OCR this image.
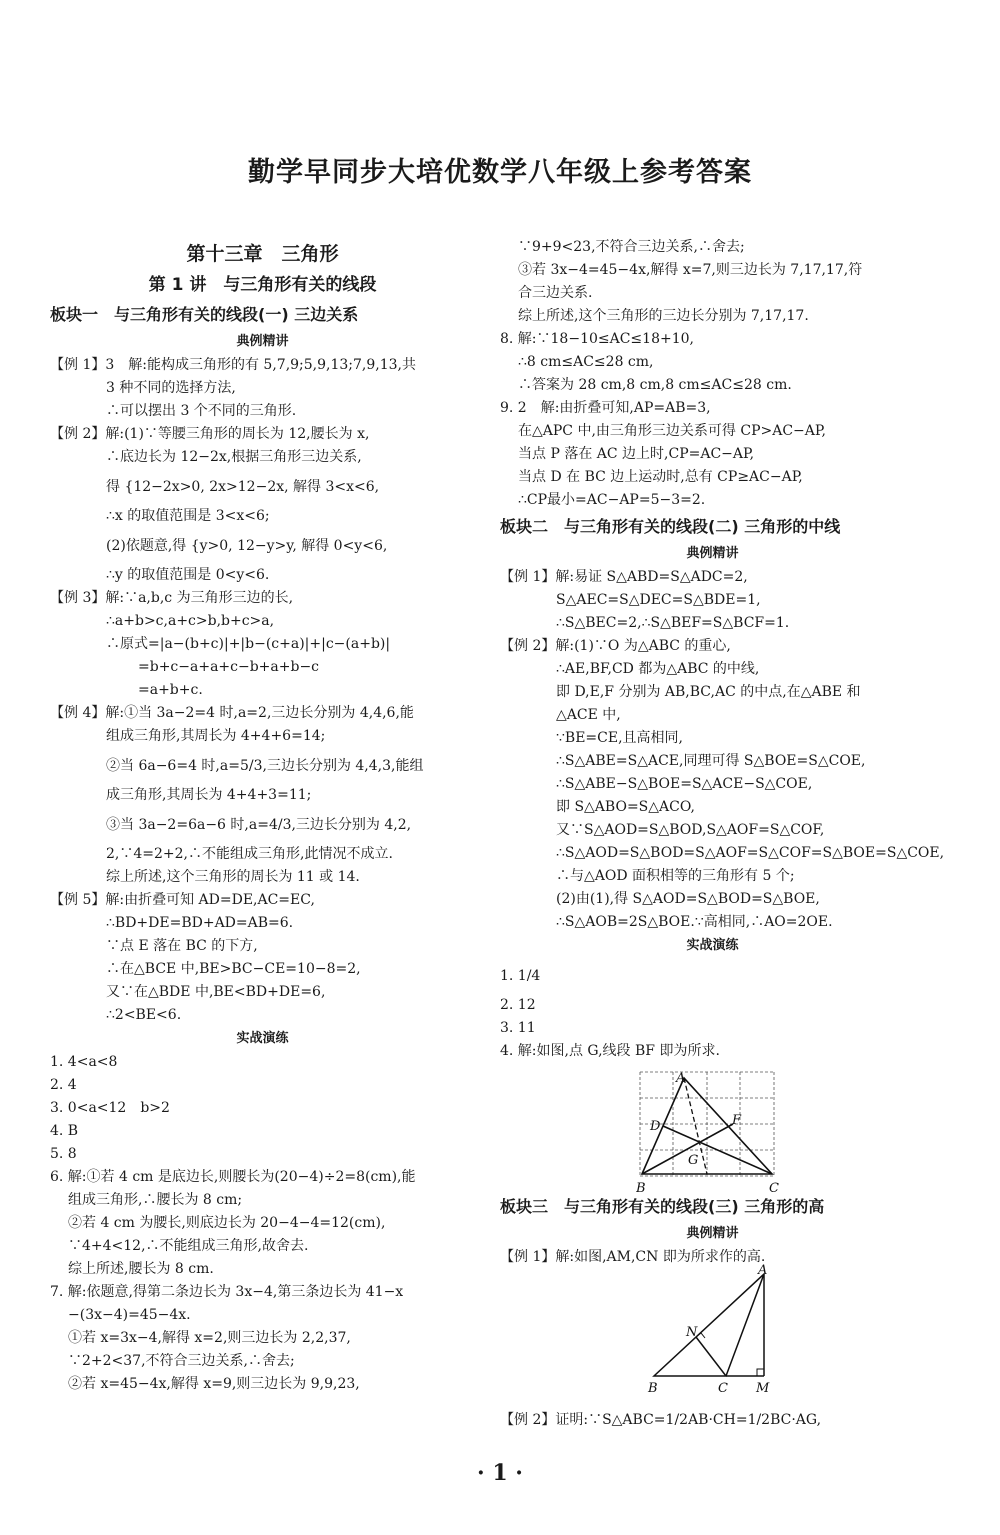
勤学早同步大培优数学八年级上参考答案
第十三章　三角形
第 1 讲　与三角形有关的线段
板块一　与三角形有关的线段(一) 三边关系
典例精讲
【例 1】3　解:能构成三角形的有 5,7,9;5,9,13;7,9,13,共
3 种不同的选择方法,
∴可以摆出 3 个不同的三角形.
【例 2】解:(1)∵等腰三角形的周长为 12,腰长为 x,
∴底边长为 12−2x,根据三角形三边关系,
得 {12−2x>0, 2x>12−2x, 解得 3<x<6,
∴x 的取值范围是 3<x<6;
(2)依题意,得 {y>0, 12−y>y, 解得 0<y<6,
∴y 的取值范围是 0<y<6.
【例 3】解:∵a,b,c 为三角形三边的长,
∴a+b>c,a+c>b,b+c>a,
∴原式=|a−(b+c)|+|b−(c+a)|+|c−(a+b)|
=b+c−a+a+c−b+a+b−c
=a+b+c.
【例 4】解:①当 3a−2=4 时,a=2,三边长分别为 4,4,6,能
组成三角形,其周长为 4+4+6=14;
②当 6a−6=4 时,a=5/3,三边长分别为 4,4,3,能组
成三角形,其周长为 4+4+3=11;
③当 3a−2=6a−6 时,a=4/3,三边长分别为 4,2,
2,∵4=2+2,∴不能组成三角形,此情况不成立.
综上所述,这个三角形的周长为 11 或 14.
【例 5】解:由折叠可知 AD=DE,AC=EC,
∴BD+DE=BD+AD=AB=6.
∵点 E 落在 BC 的下方,
∴在△BCE 中,BE>BC−CE=10−8=2,
又∵在△BDE 中,BE<BD+DE=6,
∴2<BE<6.
实战演练
1. 4<a<8
2. 4
3. 0<a<12　b>2
4. B
5. 8
6. 解:①若 4 cm 是底边长,则腰长为(20−4)÷2=8(cm),能
组成三角形,∴腰长为 8 cm;
②若 4 cm 为腰长,则底边长为 20−4−4=12(cm),
∵4+4<12,∴不能组成三角形,故舍去.
综上所述,腰长为 8 cm.
7. 解:依题意,得第二条边长为 3x−4,第三条边长为 41−x
−(3x−4)=45−4x.
①若 x=3x−4,解得 x=2,则三边长为 2,2,37,
∵2+2<37,不符合三边关系,∴舍去;
②若 x=45−4x,解得 x=9,则三边长为 9,9,23,
∵9+9<23,不符合三边关系,∴舍去;
③若 3x−4=45−4x,解得 x=7,则三边长为 7,17,17,符
合三边关系.
综上所述,这个三角形的三边长分别为 7,17,17.
8. 解:∵18−10≤AC≤18+10,
∴8 cm≤AC≤28 cm,
∴答案为 28 cm,8 cm,8 cm≤AC≤28 cm.
9. 2　解:由折叠可知,AP=AB=3,
在△APC 中,由三角形三边关系可得 CP>AC−AP,
当点 P 落在 AC 边上时,CP=AC−AP,
当点 D 在 BC 边上运动时,总有 CP≥AC−AP,
∴CP最小=AC−AP=5−3=2.
板块二　与三角形有关的线段(二) 三角形的中线
典例精讲
【例 1】解:易证 S△ABD=S△ADC=2,
S△AEC=S△DEC=S△BDE=1,
∴S△BEC=2,∴S△BEF=S△BCF=1.
【例 2】解:(1)∵O 为△ABC 的重心,
∴AE,BF,CD 都为△ABC 的中线,
即 D,E,F 分别为 AB,BC,AC 的中点,在△ABE 和
△ACE 中,
∵BE=CE,且高相同,
∴S△ABE=S△ACE,同理可得 S△BOE=S△COE,
∴S△ABE−S△BOE=S△ACE−S△COE,
即 S△ABO=S△ACO,
又∵S△AOD=S△BOD,S△AOF=S△COF,
∴S△AOD=S△BOD=S△AOF=S△COF=S△BOE=S△COE,
∴与△AOD 面积相等的三角形有 5 个;
(2)由(1),得 S△AOD=S△BOD=S△BOE,
∴S△AOB=2S△BOE.∵高相同,∴AO=2OE.
实战演练
1. 1/4
2. 12
3. 11
4. 解:如图,点 G,线段 BF 即为所求.
A
B	C
D	F
G
A
B	C M
N
板块三　与三角形有关的线段(三) 三角形的高
典例精讲
【例 1】解:如图,AM,CN 即为所求作的高.
【例 2】证明:∵S△ABC=1/2AB·CH=1/2BC·AG,
· 1 ·
